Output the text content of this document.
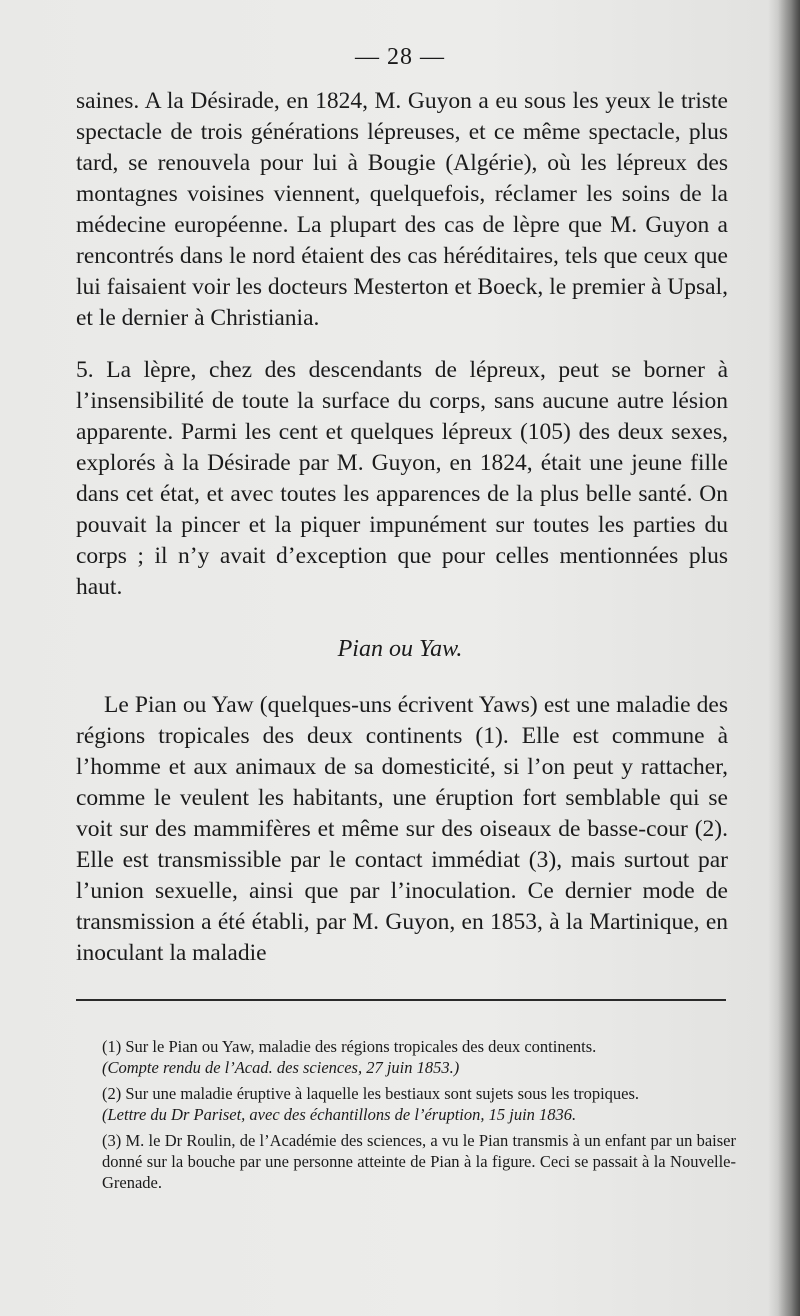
— 28 —

saines. A la Désirade, en 1824, M. Guyon a eu sous les yeux le triste spectacle de trois générations lépreuses, et ce même spectacle, plus tard, se renouvela pour lui à Bougie (Algérie), où les lépreux des montagnes voisines viennent, quelquefois, réclamer les soins de la médecine européenne. La plupart des cas de lèpre que M. Guyon a rencontrés dans le nord étaient des cas héréditaires, tels que ceux que lui faisaient voir les docteurs Mesterton et Boeck, le premier à Upsal, et le dernier à Christiania.

5. La lèpre, chez des descendants de lépreux, peut se borner à l’insensibilité de toute la surface du corps, sans aucune autre lésion apparente. Parmi les cent et quelques lépreux (105) des deux sexes, explorés à la Désirade par M. Guyon, en 1824, était une jeune fille dans cet état, et avec toutes les apparences de la plus belle santé. On pouvait la pincer et la piquer impunément sur toutes les parties du corps ; il n’y avait d’exception que pour celles mentionnées plus haut.

Pian ou Yaw.

Le Pian ou Yaw (quelques-uns écrivent Yaws) est une maladie des régions tropicales des deux continents (1). Elle est commune à l’homme et aux animaux de sa domesticité, si l’on peut y rattacher, comme le veulent les habitants, une éruption fort semblable qui se voit sur des mammifères et même sur des oiseaux de basse-cour (2). Elle est transmissible par le contact immédiat (3), mais surtout par l’union sexuelle, ainsi que par l’inoculation. Ce dernier mode de transmission a été établi, par M. Guyon, en 1853, à la Martinique, en inoculant la maladie

(1) Sur le Pian ou Yaw, maladie des régions tropicales des deux continents.
(Compte rendu de l’Acad. des sciences, 27 juin 1853.)
(2) Sur une maladie éruptive à laquelle les bestiaux sont sujets sous les tropiques.
(Lettre du Dr Pariset, avec des échantillons de l’éruption, 15 juin 1836.
(3) M. le Dr Roulin, de l’Académie des sciences, a vu le Pian transmis à un enfant par un baiser donné sur la bouche par une personne atteinte de Pian à la figure. Ceci se passait à la Nouvelle-Grenade.
